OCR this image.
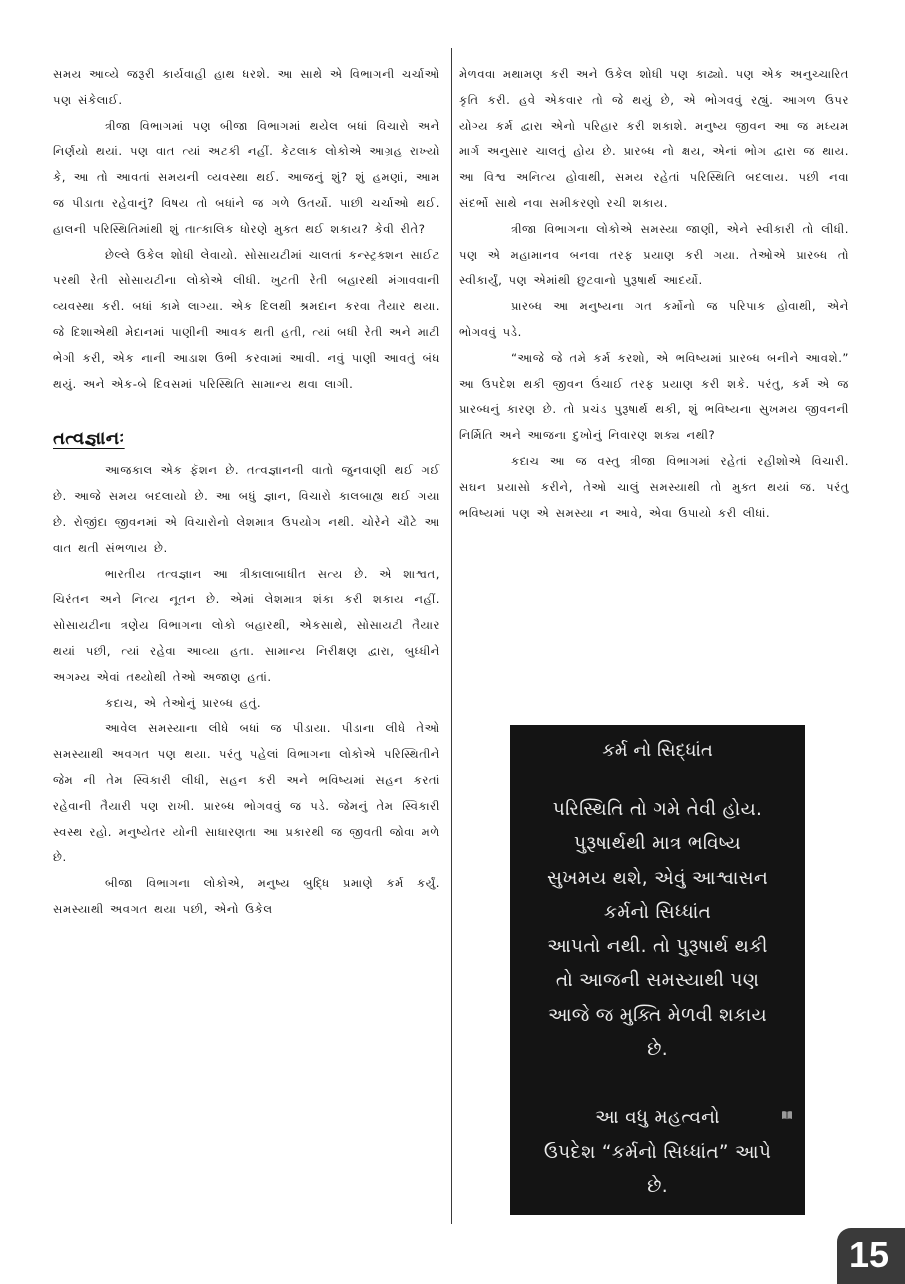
સમય આવ્યે જરૂરી કાર્યવાહી હાથ ધરશે. આ સાથે એ વિભાગની ચર્ચાઓ પણ સંકેલાઈ.

ત્રીજા વિભાગમાં પણ બીજા વિભાગમાં થયેલ બધાં વિચારો અને નિર્ણયો થયાં. પણ વાત ત્યાં અટકી નહીં. કેટલાક લોકોએ આગ્રહ રાખ્યો કે, આ તો આવતાં સમયની વ્યવસ્થા થઈ. આજનું શું? શું હમણાં, આમ જ પીડાતા રહેવાનું? વિષય તો બધાંને જ ગળે ઉતર્યો. પાછી ચર્ચાઓ થઈ. હાલની પરિસ્થિતિમાંથી શું તાત્કાલિક ધોરણે મુક્ત થઈ શકાય? કેવી રીતે?

છેલ્લે ઉકેલ શોધી લેવાયો. સોસાયટીમાં ચાલતાં કન્સ્ટ્રક્શન સાઈટ પરથી રેતી સોસાયટીના લોકોએ લીધી. ખુટતી રેતી બહારથી મંગાવવાની વ્યવસ્થા કરી. બધાં કામે લાગ્યા. એક દિલથી શ્રમદાન કરવા તૈયાર થયા. જે દિશાએથી મેદાનમાં પાણીની આવક થતી હતી, ત્યાં બધી રેતી અને માટી ભેગી કરી, એક નાની આડાશ ઉભી કરવામાં આવી. નવું પાણી આવતું બંધ થયું. અને એક-બે દિવસમાં પરિસ્થિતિ સામાન્ય થવા લાગી.

તત્વજ્ઞાનઃ

આજકાલ એક ફૅશન છે. તત્વજ્ઞાનની વાતો જુનવાણી થઈ ગઈ છે. આજે સમય બદલાયો છે. આ બધું જ્ઞાન, વિચારો કાલબાહ્ય થઈ ગયા છે. રોજીંદા જીવનમાં એ વિચારોનો લેશમાત્ર ઉપયોગ નથી. ચોરેને ચૌટે આ વાત થતી સંભળાય છે.

ભારતીય તત્વજ્ઞાન આ ત્રીકાલાબાધીત સત્ય છે. એ શાશ્વત, ચિરંતન અને નિત્ય નૂતન છે. એમાં લેશમાત્ર શંકા કરી શકાય નહીં. સોસાયટીના ત્રણેય વિભાગના લોકો બહારથી, એકસાથે, સોસાયટી તૈયાર થયાં પછી, ત્યાં રહેવા આવ્યા હતા. સામાન્ય નિરીક્ષણ દ્વારા, બુધ્ધીને અગમ્ય એવાં તથ્યોથી તેઓ અજાણ હતાં.

કદાચ, એ તેઓનું પ્રારબ્ધ હતું.

આવેલ સમસ્યાના લીધે બધાં જ પીડાયા. પીડાના લીધે તેઓ સમસ્યાથી અવગત પણ થયા. પરંતુ પહેલાં વિભાગના લોકોએ પરિસ્થિતીને જેમ ની તેમ સ્વિકારી લીધી, સહન કરી અને ભવિષ્યમાં સહન કરતાં રહેવાની તૈયારી પણ રાખી. પ્રારબ્ધ ભોગવવું જ પડે. જેમનું તેમ સ્વિકારી સ્વસ્થ રહો. મનુષ્યેતર યોની સાધારણતા આ પ્રકારથી જ જીવતી જોવા મળે છે.

બીજા વિભાગના લોકોએ, મનુષ્ય બુદ્ધિ પ્રમાણે કર્મ કર્યું. સમસ્યાથી અવગત થયા પછી, એનો ઉકેલ

મેળવવા મથામણ કરી અને ઉકેલ શોધી પણ કાઢ્યો. પણ એક અનુચ્ચારિત કૃતિ કરી. હવે એકવાર તો જે થયું છે, એ ભોગવવું રહ્યું. આગળ ઉપર યોગ્ય કર્મ દ્વારા એનો પરિહાર કરી શકાશે. મનુષ્ય જીવન આ જ મધ્યમ માર્ગ અનુસાર ચાલતું હોય છે. પ્રારબ્ધ નો ક્ષય, એનાં ભોગ દ્વારા જ થાય. આ વિશ્વ અનિત્ય હોવાથી, સમય રહેતાં પરિસ્થિતિ બદલાય. પછી નવા સંદર્ભો સાથે નવા સમીકરણો રચી શકાય.

ત્રીજા વિભાગના લોકોએ સમસ્યા જાણી, એને સ્વીકારી તો લીધી. પણ એ મહામાનવ બનવા તરફ પ્રયાણ કરી ગયા. તેઓએ પ્રારબ્ધ તો સ્વીકાર્યું, પણ એમાંથી છુટવાનો પુરૂષાર્થ આદર્યો.

પ્રારબ્ધ આ મનુષ્યના ગત કર્મોનો જ પરિપાક હોવાથી, એને ભોગવવું પડે.

“આજે જે તમે કર્મ કરશો, એ ભવિષ્યમાં પ્રારબ્ધ બનીને આવશે.” આ ઉપદેશ થકી જીવન ઉંચાઈ તરફ પ્રયાણ કરી શકે. પરંતુ, કર્મ એ જ પ્રારબ્ધનું કારણ છે. તો પ્રચંડ પુરૂષાર્થ થકી, શું ભવિષ્યના સુખમય જીવનની નિર્મિતિ અને આજના દુખોનું નિવારણ શક્ય નથી?

કદાચ આ જ વસ્તુ ત્રીજા વિભાગમાં રહેતાં રહીશોએ વિચારી. સઘન પ્રયાસો કરીને, તેઓ ચાલું સમસ્યાથી તો મુક્ત થયાં જ. પરંતુ ભવિષ્યમાં પણ એ સમસ્યા ન આવે, એવા ઉપાયો કરી લીધાં.

કર્મ નો સિદ્ધાંત
પરિસ્થિતિ તો ગમે તેવી હોય.
પુરૂષાર્થથી માત્ર ભવિષ્ય
સુખમય થશે, એવું આશ્વાસન
કર્મનો સિધ્ધાંત
આપતો નથી. તો પુરૂષાર્થ થકી
તો આજની સમસ્યાથી પણ
આજે જ મુક્તિ મેળવી શકાય
છે.
આ વધુ મહત્વનો
ઉપદેશ “કર્મનો સિધ્ધાંત” આપે
છે.
15
